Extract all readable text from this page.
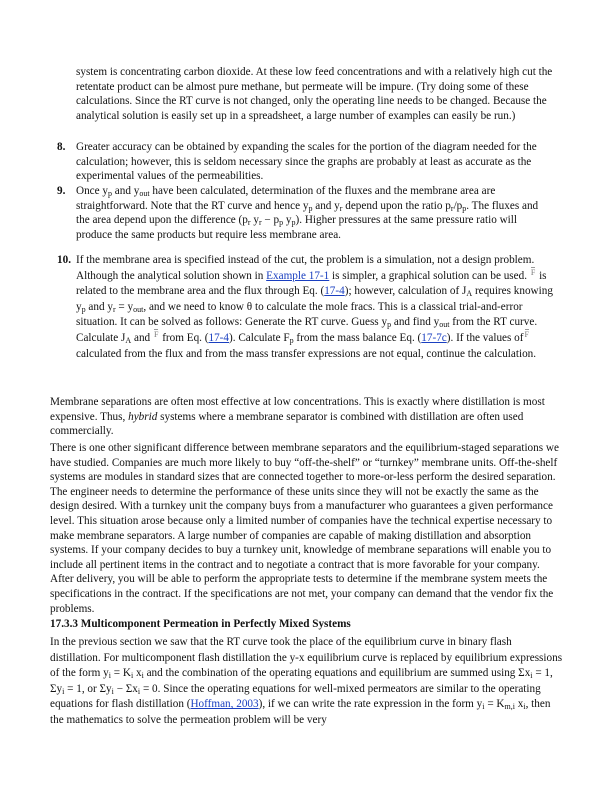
system is concentrating carbon dioxide. At these low feed concentrations and with a relatively high cut the retentate product can be almost pure methane, but permeate will be impure. (Try doing some of these calculations. Since the RT curve is not changed, only the operating line needs to be changed. Because the analytical solution is easily set up in a spreadsheet, a large number of examples can easily be run.)
8. Greater accuracy can be obtained by expanding the scales for the portion of the diagram needed for the calculation; however, this is seldom necessary since the graphs are probably at least as accurate as the experimental values of the permeabilities.
9. Once $y_p$ and $y_{out}$ have been calculated, determination of the fluxes and the membrane area are straightforward. Note that the RT curve and hence $y_p$ and $y_r$ depend upon the ratio $p_r/p_p$. The fluxes and the area depend upon the difference ($p_r$ $y_r - p_p$ $y_p$). Higher pressures at the same pressure ratio will produce the same products but require less membrane area.
10. If the membrane area is specified instead of the cut, the problem is a simulation, not a design problem. Although the analytical solution shown in Example 17-1 is simpler, a graphical solution can be used. F is related to the membrane area and the flux through Eq. (17-4); however, calculation of $J_A$ requires knowing $y_p$ and $y_r = y_{out}$, and we need to know θ to calculate the mole fracs. This is a classical trial-and-error situation. It can be solved as follows: Generate the RT curve. Guess $y_p$ and find $y_{out}$ from the RT curve. Calculate $J_A$ and F from Eq. (17-4). Calculate $F_p$ from the mass balance Eq. (17-7c). If the values ofF calculated from the flux and from the mass transfer expressions are not equal, continue the calculation.
Membrane separations are often most effective at low concentrations. This is exactly where distillation is most expensive. Thus, hybrid systems where a membrane separator is combined with distillation are often used commercially.
There is one other significant difference between membrane separators and the equilibrium-staged separations we have studied. Companies are much more likely to buy “off-the-shelf” or “turnkey” membrane units. Off-the-shelf systems are modules in standard sizes that are connected together to more-or-less perform the desired separation. The engineer needs to determine the performance of these units since they will not be exactly the same as the design desired. With a turnkey unit the company buys from a manufacturer who guarantees a given performance level. This situation arose because only a limited number of companies have the technical expertise necessary to make membrane separators. A large number of companies are capable of making distillation and absorption systems. If your company decides to buy a turnkey unit, knowledge of membrane separations will enable you to include all pertinent items in the contract and to negotiate a contract that is more favorable for your company. After delivery, you will be able to perform the appropriate tests to determine if the membrane system meets the specifications in the contract. If the specifications are not met, your company can demand that the vendor fix the problems.
17.3.3 Multicomponent Permeation in Perfectly Mixed Systems
In the previous section we saw that the RT curve took the place of the equilibrium curve in binary flash distillation. For multicomponent flash distillation the y-x equilibrium curve is replaced by equilibrium expressions of the form $y_i = K_i$ $x_i$ and the combination of the operating equations and equilibrium are summed using $\Sigma x_i = 1$, $\Sigma y_i = 1$, or $\Sigma y_i - \Sigma x_i = 0$. Since the operating equations for well-mixed permeators are similar to the operating equations for flash distillation (Hoffman, 2003), if we can write the rate expression in the form $y_i = K_{m,i}$ $x_i$, then the mathematics to solve the permeation problem will be very
